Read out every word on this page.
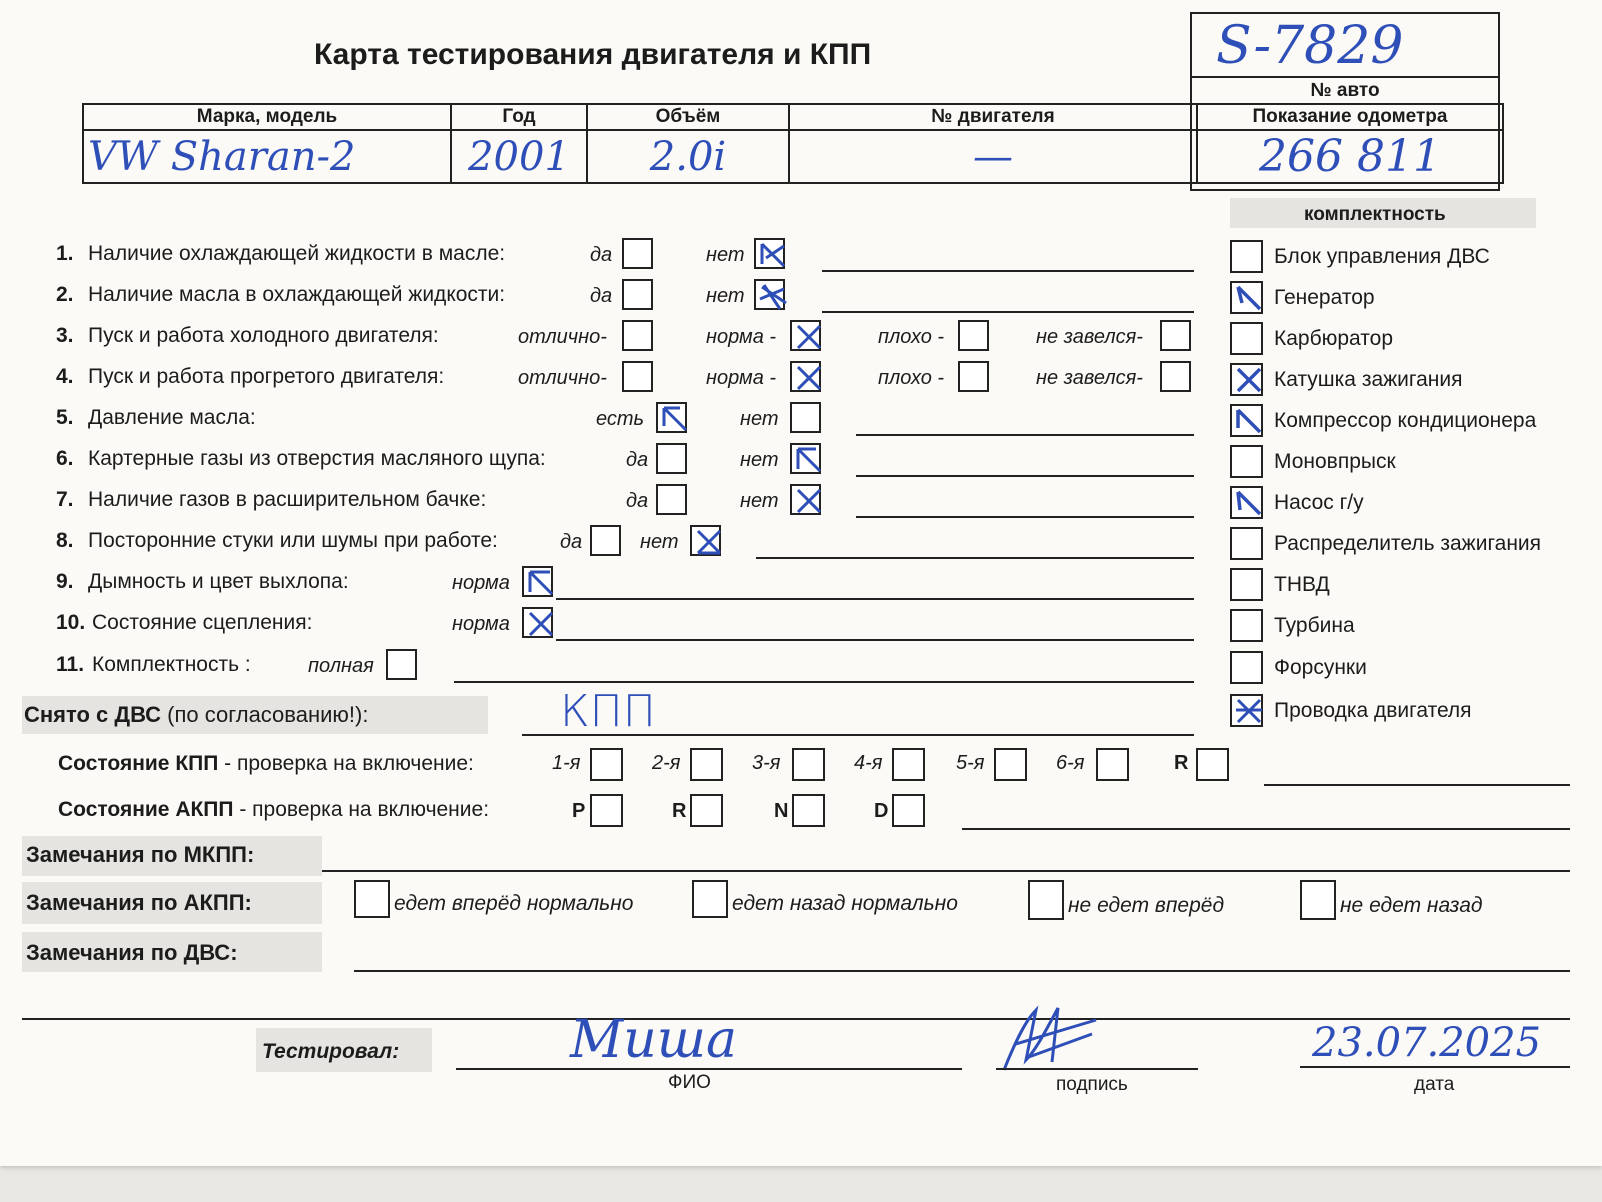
Карта тестирования двигателя и КПП	S-7829
№ авто
Марка, модель	Год	Объём	№ двигателя	Показание одометра
VW Sharan-2	2001	2.0i	—	266 811
комплектность
1. Наличие охлаждающей жидкости в масле:	да	нет
2. Наличие масла в охлаждающей жидкости:	да	нет
3. Пуск и работа холодного двигателя:	отлично-	норма -	плохо -	не завелся-
4. Пуск и работа прогретого двигателя:	отлично-	норма -	плохо -	не завелся-
5. Давление масла:	есть	нет
6. Картерные газы из отверстия масляного щупа:	да	нет
7. Наличие газов в расширительном бачке:	да	нет
8. Посторонние стуки или шумы при работе:	да	нет
9. Дымность и цвет выхлопа:	норма
10. Состояние сцепления:	норма
11. Комплектность :	полная
Блок управления ДВС
Генератор
Карбюратор
Катушка зажигания
Компрессор кондиционера
Моновпрыск
Насос г/у
Распределитель зажигания
ТНВД
Турбина
Форсунки
Проводка двигателя
Снято с ДВС (по согласованию!):	КПП
Состояние КПП - проверка на включение:	1-я	2-я	3-я	4-я	5-я	6-я	R
Состояние АКПП - проверка на включение:	P	R	N	D
Замечания по МКПП:
Замечания по АКПП:	едет вперёд нормально	едет назад нормально	не едет вперёд	не едет назад
Замечания по ДВС:
Тестировал:	Миша
ФИО	подпись
23.07.2025
дата
